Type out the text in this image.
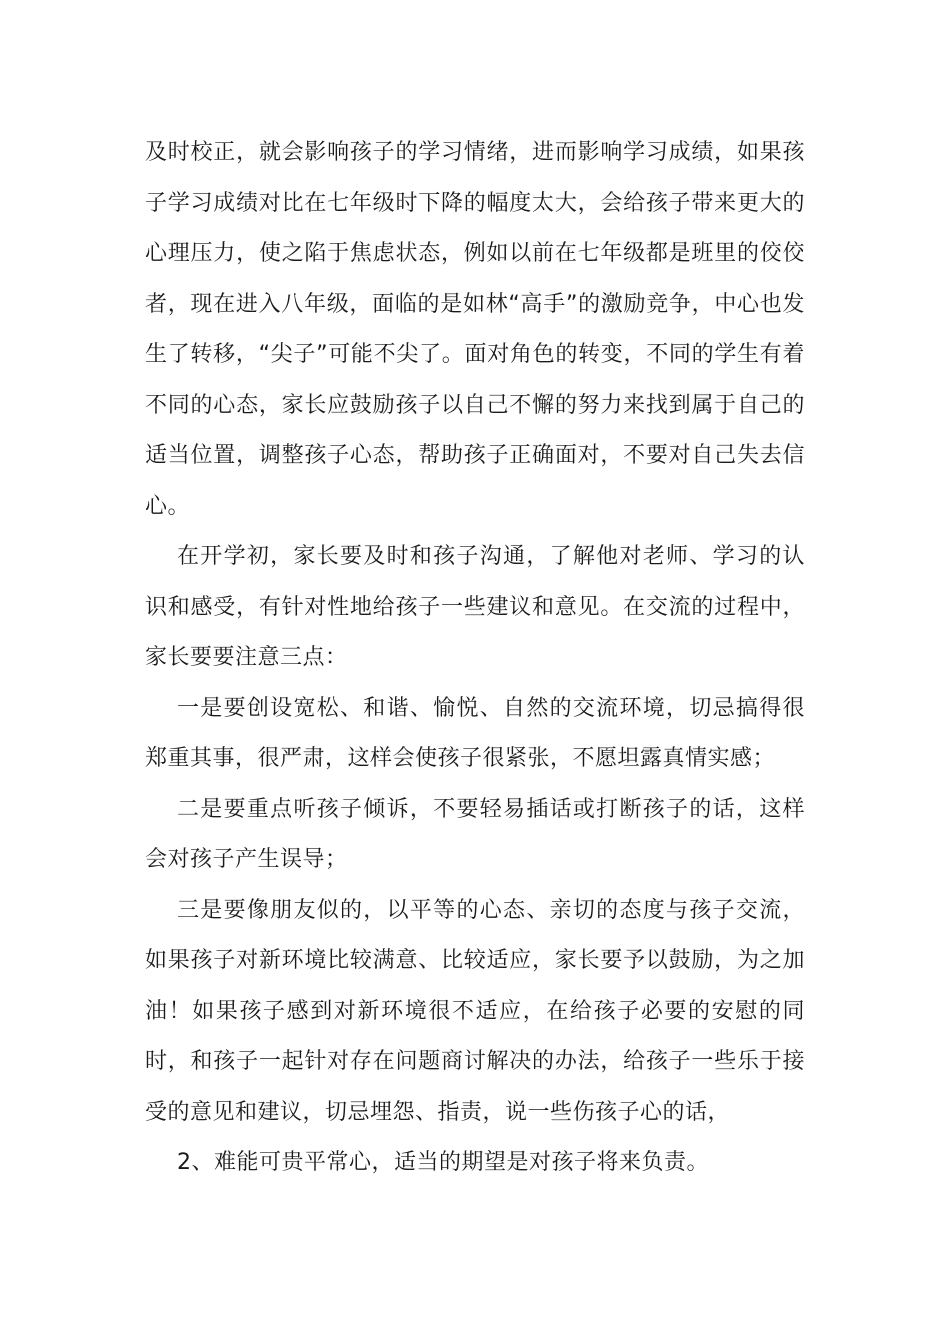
及时校正，就会影响孩子的学习情绪，进而影响学习成绩，如果孩子学习成绩对比在七年级时下降的幅度太大，会给孩子带来更大的心理压力，使之陷于焦虑状态，例如以前在七年级都是班里的佼佼者，现在进入八年级，面临的是如林“高手”的激励竞争，中心也发生了转移，“尖子”可能不尖了。面对角色的转变，不同的学生有着不同的心态，家长应鼓励孩子以自己不懈的努力来找到属于自己的适当位置，调整孩子心态，帮助孩子正确面对，不要对自己失去信心。

在开学初，家长要及时和孩子沟通，了解他对老师、学习的认识和感受，有针对性地给孩子一些建议和意见。在交流的过程中，家长要要注意三点：

一是要创设宽松、和谐、愉悦、自然的交流环境，切忌搞得很郑重其事，很严肃，这样会使孩子很紧张，不愿坦露真情实感；

二是要重点听孩子倾诉，不要轻易插话或打断孩子的话，这样会对孩子产生误导；

三是要像朋友似的，以平等的心态、亲切的态度与孩子交流，如果孩子对新环境比较满意、比较适应，家长要予以鼓励，为之加油！如果孩子感到对新环境很不适应，在给孩子必要的安慰的同时，和孩子一起针对存在问题商讨解决的办法，给孩子一些乐于接受的意见和建议，切忌埋怨、指责，说一些伤孩子心的话，

2、难能可贵平常心，适当的期望是对孩子将来负责。
